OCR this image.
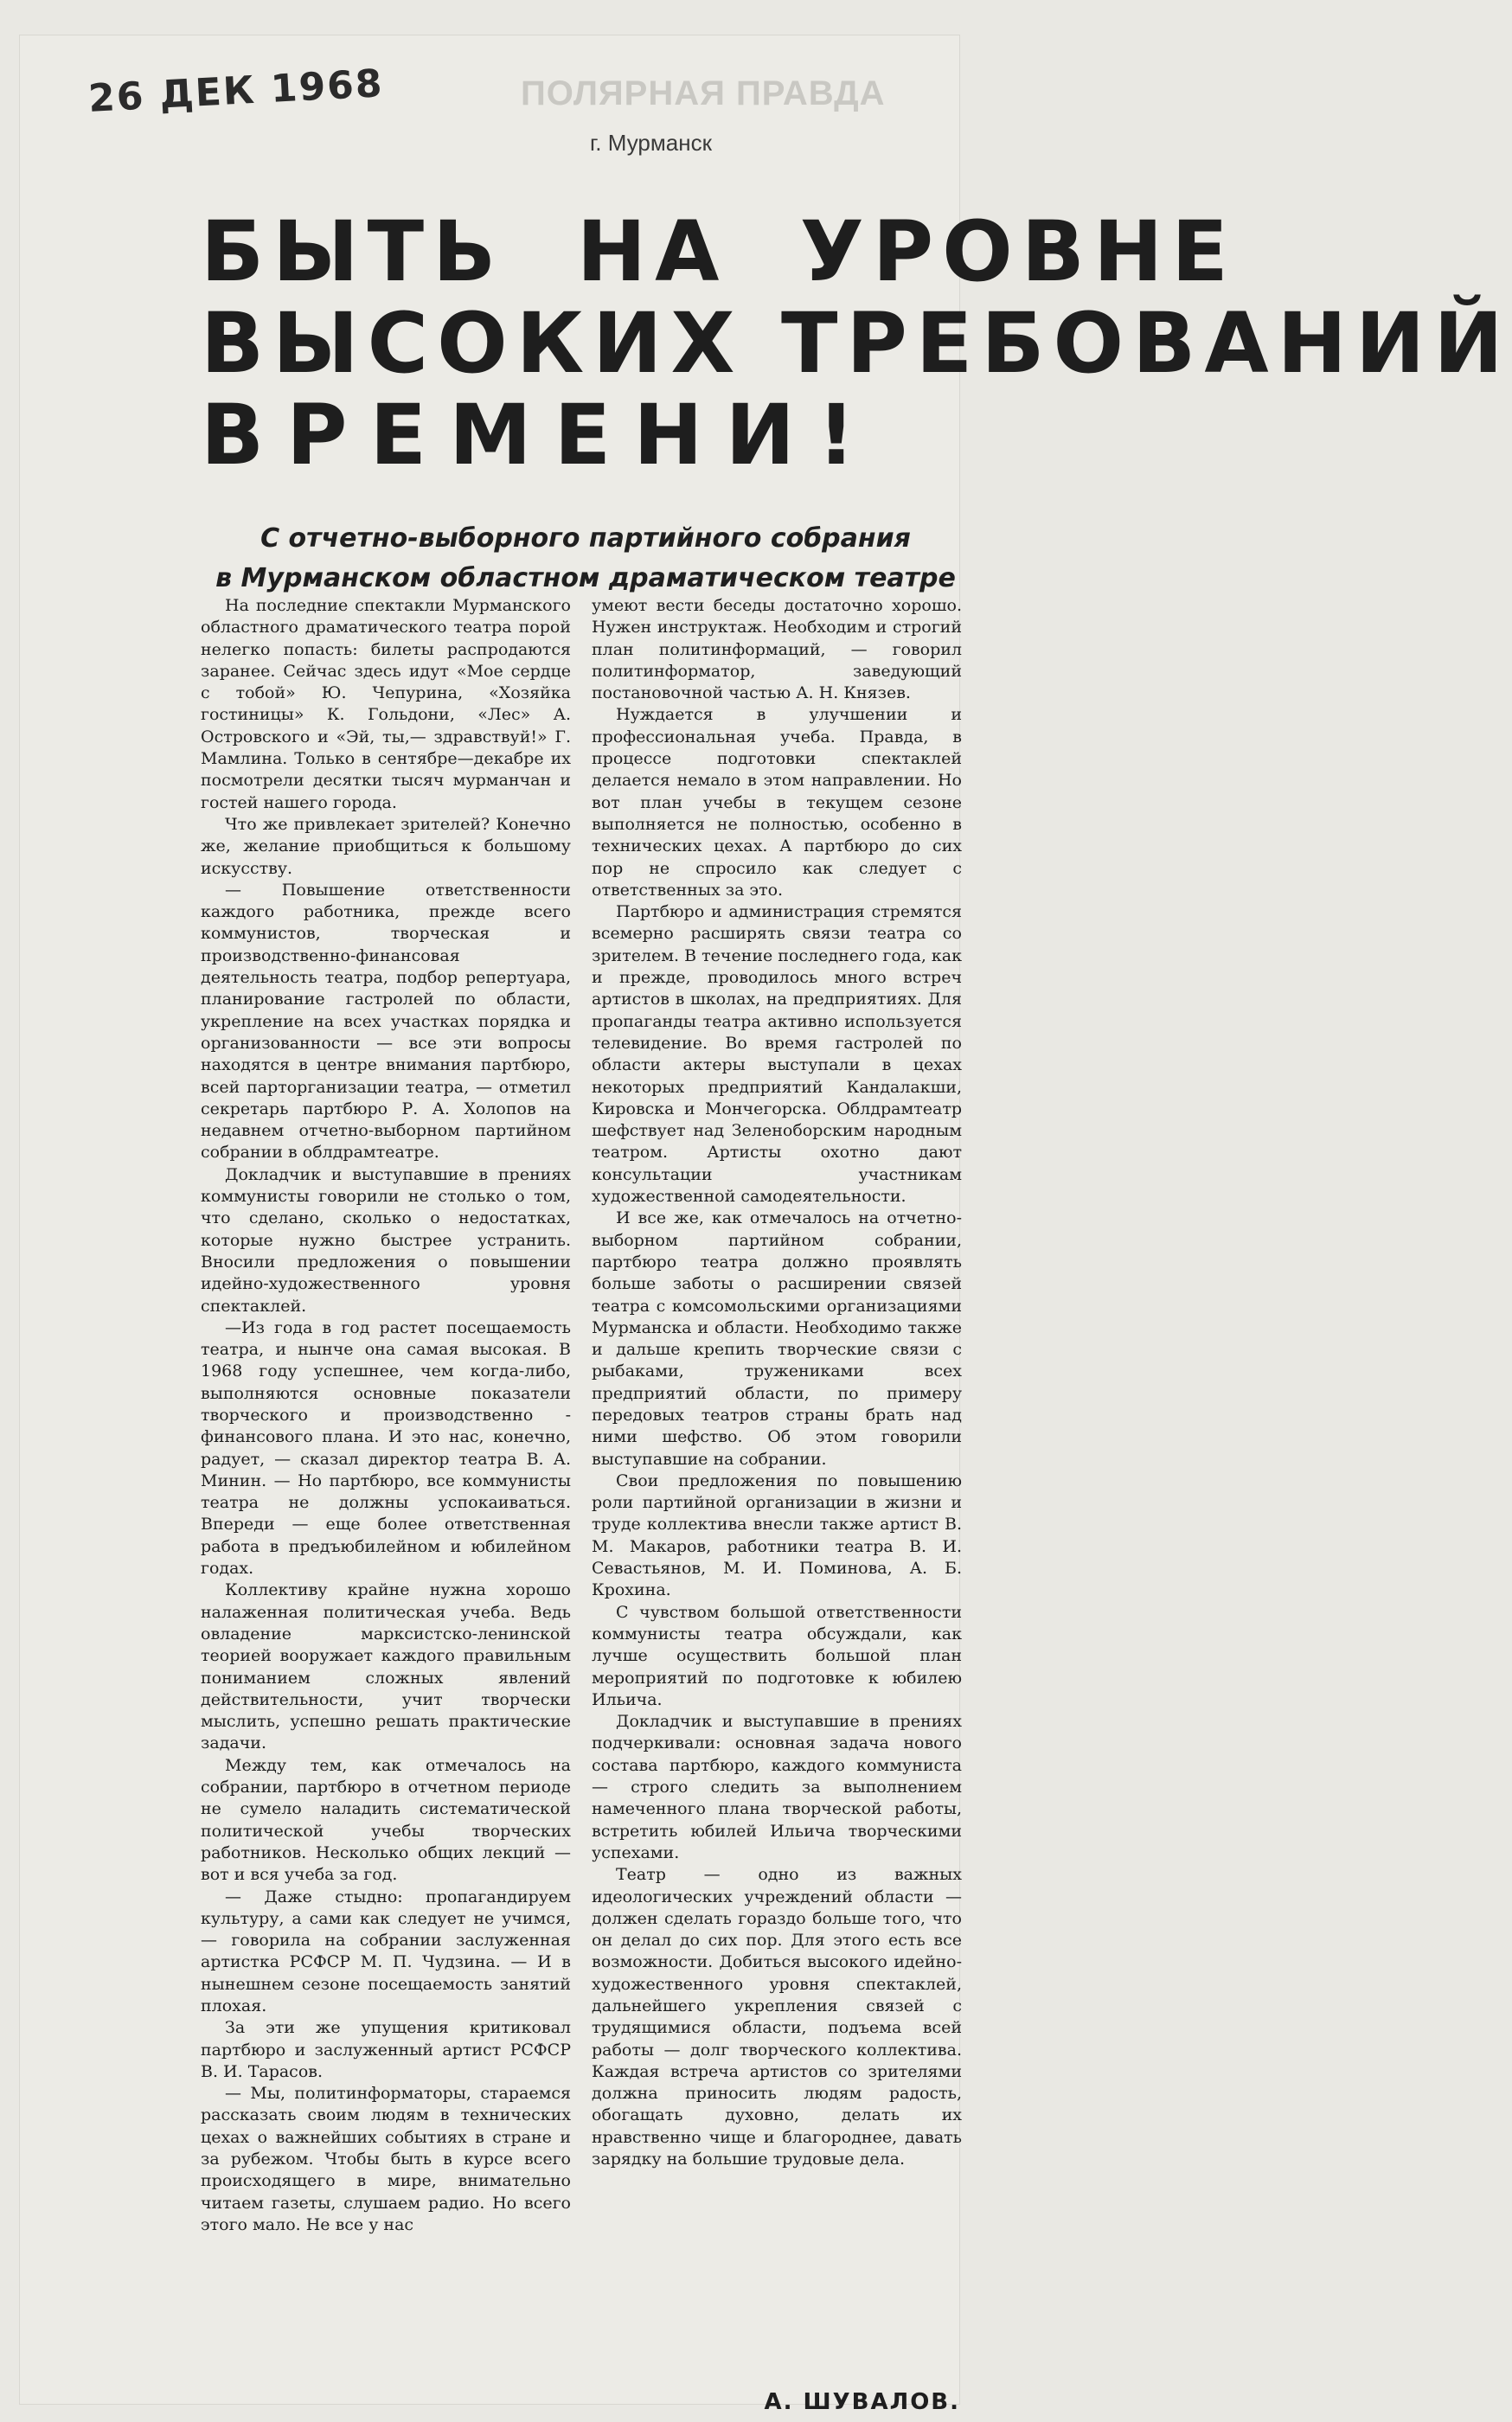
26 ДЕК 1968	ПОЛЯРНАЯ ПРАВДА
г. Мурманск
БЫТЬ НА УРОВНЕ
ВЫСОКИХ ТРЕБОВАНИЙ
ВРЕМЕНИ!
С отчетно-выборного партийного собрания
в Мурманском областном драматическом театре

На последние спектакли Мурманского областного драматического театра порой нелегко попасть: билеты распродаются заранее. Сейчас здесь идут «Мое сердце с тобой» Ю. Чепурина, «Хозяйка гостиницы» К. Гольдони, «Лес» А. Островского и «Эй, ты,— здравствуй!» Г. Мамлина. Только в сентябре—декабре их посмотрели десятки тысяч мурманчан и гостей нашего города.

Что же привлекает зрителей? Конечно же, желание приобщиться к большому искусству.

— Повышение ответственности каждого работника, прежде всего коммунистов, творческая и производственно-финансовая деятельность театра, подбор репертуара, планирование гастролей по области, укрепление на всех участках порядка и организованности — все эти вопросы находятся в центре внимания партбюро, всей парторганизации театра, — отметил секретарь партбюро Р. А. Холопов на недавнем отчетно-выборном партийном собрании в облдрамтеатре.

Докладчик и выступавшие в прениях коммунисты говорили не столько о том, что сделано, сколько о недостатках, которые нужно быстрее устранить. Вносили предложения о повышении идейно-художественного уровня спектаклей.

—Из года в год растет посещаемость театра, и нынче она самая высокая. В 1968 году успешнее, чем когда-либо, выполняются основные показатели творческого и производственно - финансового плана. И это нас, конечно, радует, — сказал директор театра В. А. Минин. — Но партбюро, все коммунисты театра не должны успокаиваться. Впереди — еще более ответственная работа в предъюбилейном и юбилейном годах.

Коллективу крайне нужна хорошо налаженная политическая учеба. Ведь овладение марксистско-ленинской теорией вооружает каждого правильным пониманием сложных явлений действительности, учит творчески мыслить, успешно решать практические задачи.

Между тем, как отмечалось на собрании, партбюро в отчетном периоде не сумело наладить систематической политической учебы творческих работников. Несколько общих лекций — вот и вся учеба за год.

— Даже стыдно: пропагандируем культуру, а сами как следует не учимся, — говорила на собрании заслуженная артистка РСФСР М. П. Чудзина. — И в нынешнем сезоне посещаемость занятий плохая.

За эти же упущения критиковал партбюро и заслуженный артист РСФСР В. И. Тарасов.

— Мы, политинформаторы, стараемся рассказать своим людям в технических цехах о важнейших событиях в стране и за рубежом. Чтобы быть в курсе всего происходящего в мире, внимательно читаем газеты, слушаем радио. Но всего этого мало. Не все у нас

умеют вести беседы достаточно хорошо. Нужен инструктаж. Необходим и строгий план политинформаций, — говорил политинформатор, заведующий постановочной частью А. Н. Князев.

Нуждается в улучшении и профессиональная учеба. Правда, в процессе подготовки спектаклей делается немало в этом направлении. Но вот план учебы в текущем сезоне выполняется не полностью, особенно в технических цехах. А партбюро до сих пор не спросило как следует с ответственных за это.

Партбюро и администрация стремятся всемерно расширять связи театра со зрителем. В течение последнего года, как и прежде, проводилось много встреч артистов в школах, на предприятиях. Для пропаганды театра активно используется телевидение. Во время гастролей по области актеры выступали в цехах некоторых предприятий Кандалакши, Кировска и Мончегорска. Облдрамтеатр шефствует над Зеленоборским народным театром. Артисты охотно дают консультации участникам художественной самодеятельности.

И все же, как отмечалось на отчетно-выборном партийном собрании, партбюро театра должно проявлять больше заботы о расширении связей театра с комсомольскими организациями Мурманска и области. Необходимо также и дальше крепить творческие связи с рыбаками, тружениками всех предприятий области, по примеру передовых театров страны брать над ними шефство. Об этом говорили выступавшие на собрании.

Свои предложения по повышению роли партийной организации в жизни и труде коллектива внесли также артист В. М. Макаров, работники театра В. И. Севастьянов, М. И. Поминова, А. Б. Крохина.

С чувством большой ответственности коммунисты театра обсуждали, как лучше осуществить большой план мероприятий по подготовке к юбилею Ильича.

Докладчик и выступавшие в прениях подчеркивали: основная задача нового состава партбюро, каждого коммуниста — строго следить за выполнением намеченного плана творческой работы, встретить юбилей Ильича творческими успехами.

Театр — одно из важных идеологических учреждений области — должен сделать гораздо больше того, что он делал до сих пор. Для этого есть все возможности. Добиться высокого идейно-художественного уровня спектаклей, дальнейшего укрепления связей с трудящимися области, подъема всей работы — долг творческого коллектива. Каждая встреча артистов со зрителями должна приносить людям радость, обогащать духовно, делать их нравственно чище и благороднее, давать зарядку на большие трудовые дела.

А. ШУВАЛОВ.
